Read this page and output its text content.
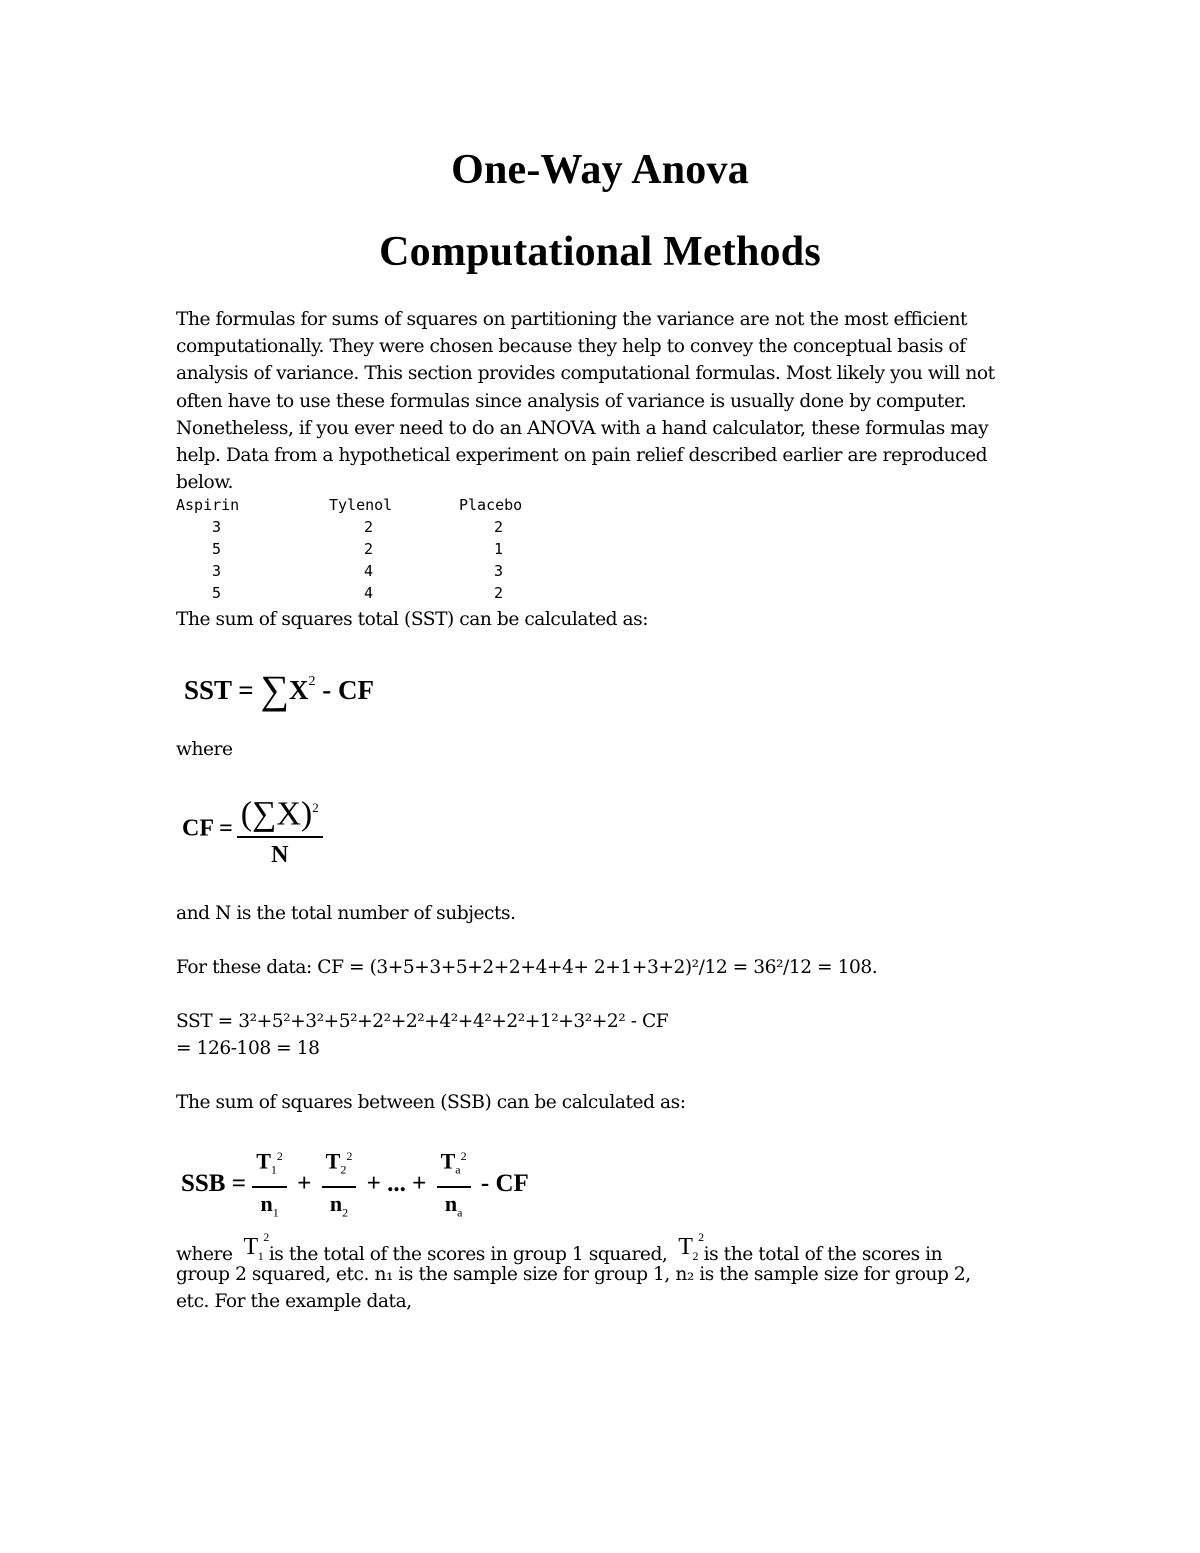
One-Way Anova
Computational Methods
The formulas for sums of squares on partitioning the variance are not the most efficient computationally. They were chosen because they help to convey the conceptual basis of analysis of variance. This section provides computational formulas. Most likely you will not often have to use these formulas since analysis of variance is usually done by computer. Nonetheless, if you ever need to do an ANOVA with a hand calculator, these formulas may help. Data from a hypothetical experiment on pain relief described earlier are reproduced below.
Aspirin	Tylenol	Placebo
3	2	2
5	2	1
3	4	3
5	4	2
The sum of squares total (SST) can be calculated as:
SST = $\sum X^2$ - CF
where
CF = $\frac{(\sum X)^2}{N}$
and N is the total number of subjects.
For these data: CF = (3+5+3+5+2+2+4+4+ 2+1+3+2)²/12 = 36²/12 = 108.
SST = 3²+5²+3²+5²+2²+2²+4²+4²+2²+1²+3²+2² - CF
= 126-108 = 18
The sum of squares between (SSB) can be calculated as:
SSB = $\frac{T_1^2}{n_1} + \frac{T_2^2}{n_2}$ + ... + $\frac{T_a^2}{n_a}$ - CF
where $T_1^2is$ the total of the scores in group 1 squared, $T_2^2is$ the total of the scores in
group 2 squared, etc. n₁ is the sample size for group 1, n₂ is the sample size for group 2,
etc. For the example data,
